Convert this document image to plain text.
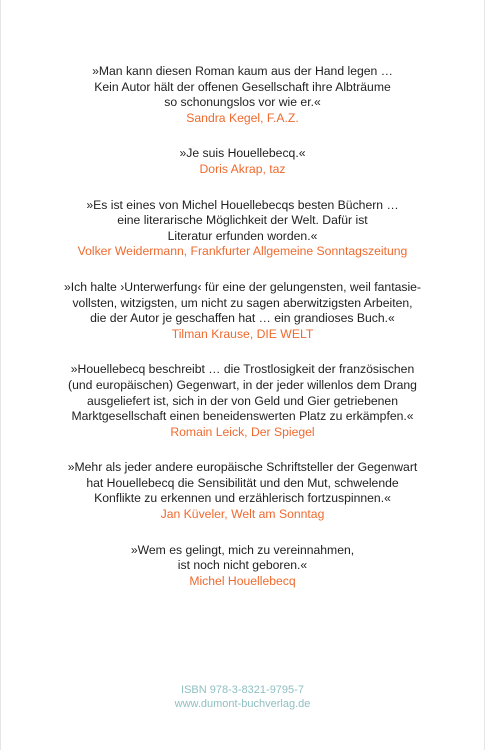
»Man kann diesen Roman kaum aus der Hand legen …
Kein Autor hält der offenen Gesellschaft ihre Albträume
so schonungslos vor wie er.«
Sandra Kegel, F.A.Z.
»Je suis Houellebecq.«
Doris Akrap, taz
»Es ist eines von Michel Houellebecqs besten Büchern …
eine literarische Möglichkeit der Welt. Dafür ist
Literatur erfunden worden.«
Volker Weidermann, Frankfurter Allgemeine Sonntagszeitung
»Ich halte ›Unterwerfung‹ für eine der gelungensten, weil fantasie-
vollsten, witzigsten, um nicht zu sagen aberwitzigsten Arbeiten,
die der Autor je geschaffen hat … ein grandioses Buch.«
Tilman Krause, DIE WELT
»Houellebecq beschreibt … die Trostlosigkeit der französischen
(und europäischen) Gegenwart, in der jeder willenlos dem Drang
ausgeliefert ist, sich in der von Geld und Gier getriebenen
Marktgesellschaft einen beneidenswerten Platz zu erkämpfen.«
Romain Leick, Der Spiegel
»Mehr als jeder andere europäische Schriftsteller der Gegenwart
hat Houellebecq die Sensibilität und den Mut, schwelende
Konflikte zu erkennen und erzählerisch fortzuspinnen.«
Jan Küveler, Welt am Sonntag
»Wem es gelingt, mich zu vereinnahmen,
ist noch nicht geboren.«
Michel Houellebecq
ISBN 978-3-8321-9795-7
www.dumont-buchverlag.de
